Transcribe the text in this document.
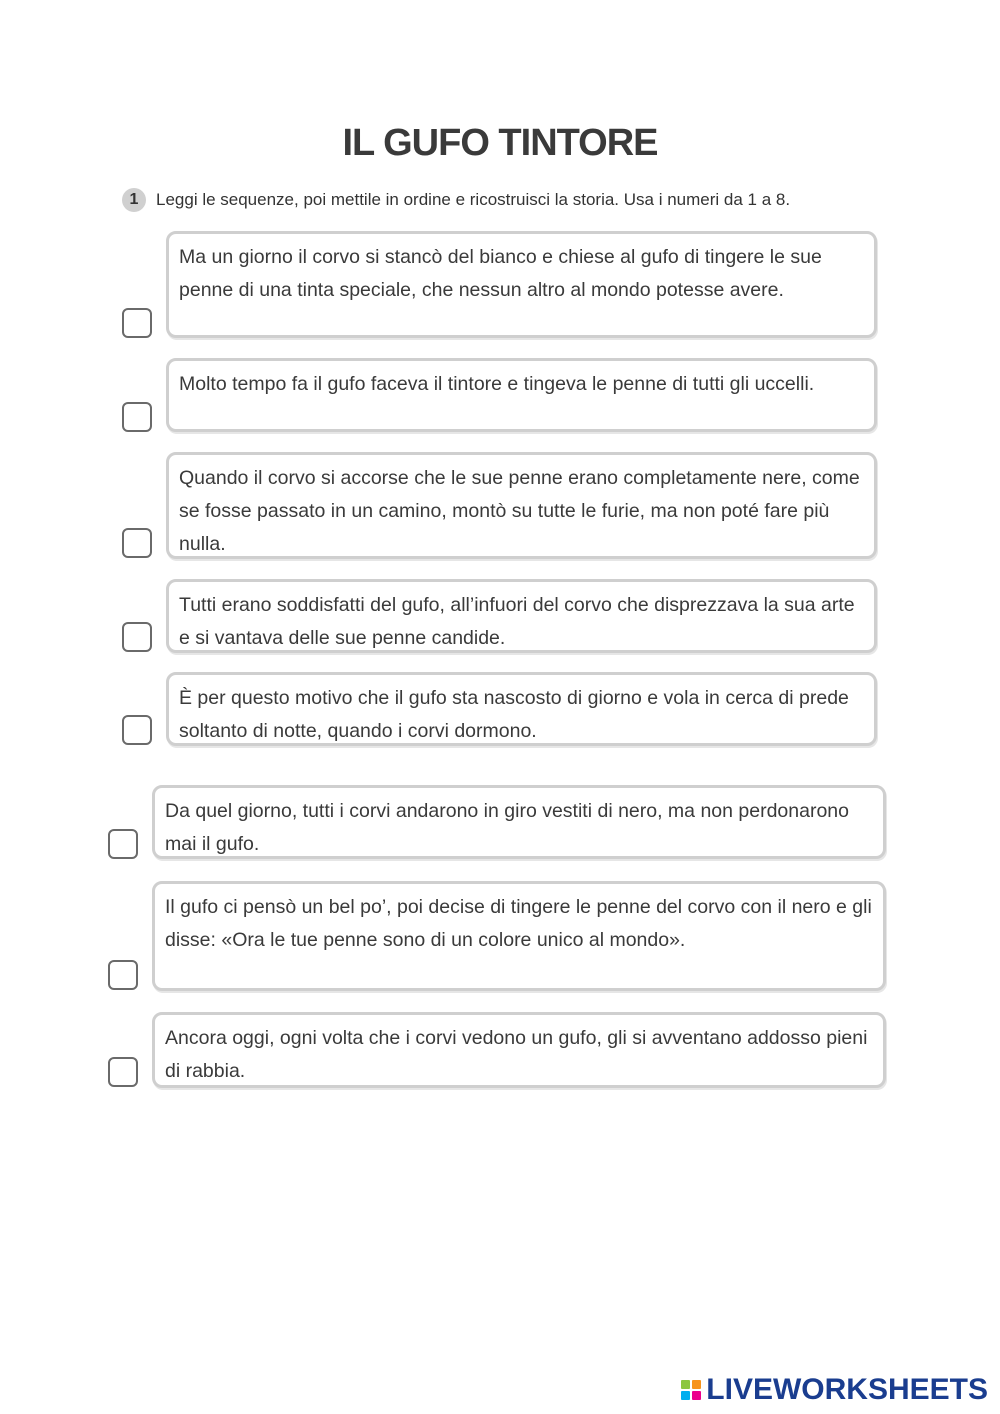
IL GUFO TINTORE
1	Leggi le sequenze, poi mettile in ordine e ricostruisci la storia. Usa i numeri da 1 a 8.
Ma un giorno il corvo si stancò del bianco e chiese al gufo di tingere le sue penne di una tinta speciale, che nessun altro al mondo potesse avere.
Molto tempo fa il gufo faceva il tintore e tingeva le penne di tutti gli uccelli.
Quando il corvo si accorse che le sue penne erano completamente nere, come se fosse passato in un camino, montò su tutte le furie, ma non poté fare più nulla.
Tutti erano soddisfatti del gufo, all’infuori del corvo che disprezzava la sua arte e si vantava delle sue penne candide.
È per questo motivo che il gufo sta nascosto di giorno e vola in cerca di prede soltanto di notte, quando i corvi dormono.
Da quel giorno, tutti i corvi andarono in giro vestiti di nero, ma non perdonarono mai il gufo.
Il gufo ci pensò un bel po’, poi decise di tingere le penne del corvo con il nero e gli disse: «Ora le tue penne sono di un colore unico al mondo».
Ancora oggi, ogni volta che i corvi vedono un gufo, gli si avventano addosso pieni di rabbia.
LIVEWORKSHEETS
